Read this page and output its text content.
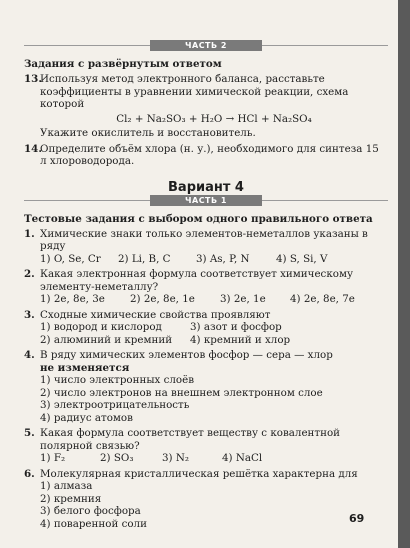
ЧАСТЬ 2
Задания с развёрнутым ответом
13.
Используя метод электронного баланса, расставьте коэффициенты в уравнении химической реакции, схема которой
Cl₂ + Na₂SO₃ + H₂O → HCl + Na₂SO₄
Укажите окислитель и восстановитель.
14.
Определите объём хлора (н. у.), необходимого для синтеза 15 л хлороводорода.
Вариант 4
ЧАСТЬ 1
Тестовые задания с выбором одного правильного ответа
1. Химические знаки только элементов-неметаллов указаны в ряду
1) O, Se, Cr	2) Li, B, C	3) As, P, N	4) S, Si, V
2. Какая электронная формула соответствует химическому элементу-неметаллу?
1) 2e, 8e, 3e	2) 2e, 8e, 1e	3) 2e, 1e	4) 2e, 8e, 7e
3. Сходные химические свойства проявляют
1) водород и кислород	3) азот и фосфор
2) алюминий и кремний	4) кремний и хлор
4. В ряду химических элементов фосфор — сера — хлор
не изменяется
1) число электронных слоёв
2) число электронов на внешнем электронном слое
3) электроотрицательность
4) радиус атомов
5. Какая формула соответствует веществу с ковалентной полярной связью?
1) F₂	2) SO₃	3) N₂	4) NaCl
6. Молекулярная кристаллическая решётка характерна для
1) алмаза
2) кремния
3) белого фосфора
4) поваренной соли	69
